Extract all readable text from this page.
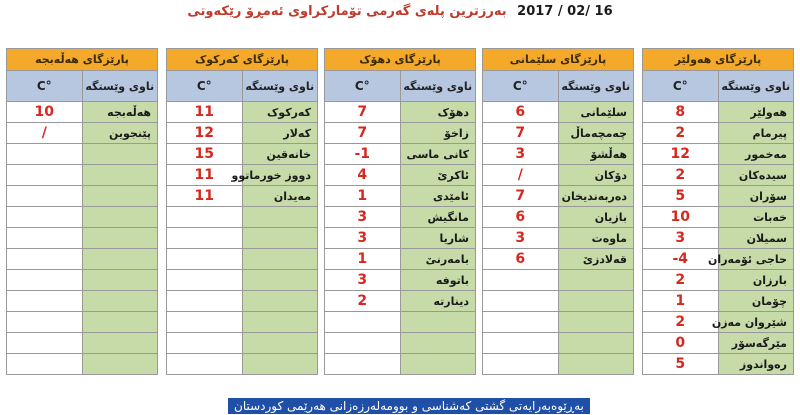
بەرزترین پلەی گەرمی تۆمارکراوی ئەمڕۆ رێکەوتی 2017 / 02/ 16
پارێزگای هەڵەبجە	
C°	ناوی وێستگە
10	هەڵەبجە
/	پێنجوین

پارێزگای کەرکوک	
C°	ناوی وێستگە
11	کەرکوک
12	کەلار
15	خانەقین
11	دووز خورماتوو
11	مەیدان

پارێزگای دهۆک	
C°	ناوی وێستگە
7	دهۆک
7	زاخۆ
-1	کانی ماسی
4	ئاکرێ
1	ئامێدی
3	مانگیش
3	شاریا
1	بامەرنێ
3	باتوفە
2	دینارتە

پارێزگای سلێمانی	
C°	ناوی وێستگە
6	سلێمانی
7	چەمچەماڵ
3	هەڵشۆ
/	دۆکان
7	دەربەندیخان
6	بازیان
3	ماوەت
6	قەلادزێ

پارێزگای هەولێر	
C°	ناوی وێستگە
8	هەولێر
2	پیرمام
12	مەخمور
2	سیدەکان
5	سۆران
10	خەبات
3	سمیلان
-4	حاجی ئۆمەران
2	بارزان
1	چۆمان
2	شێروان مەزن
0	مێرگەسۆر
5	رەواندوز
بەڕێوەبەرایەتی گشتی کەشناسی و بوومەلەرزەزانی هەرێمی کوردستان
